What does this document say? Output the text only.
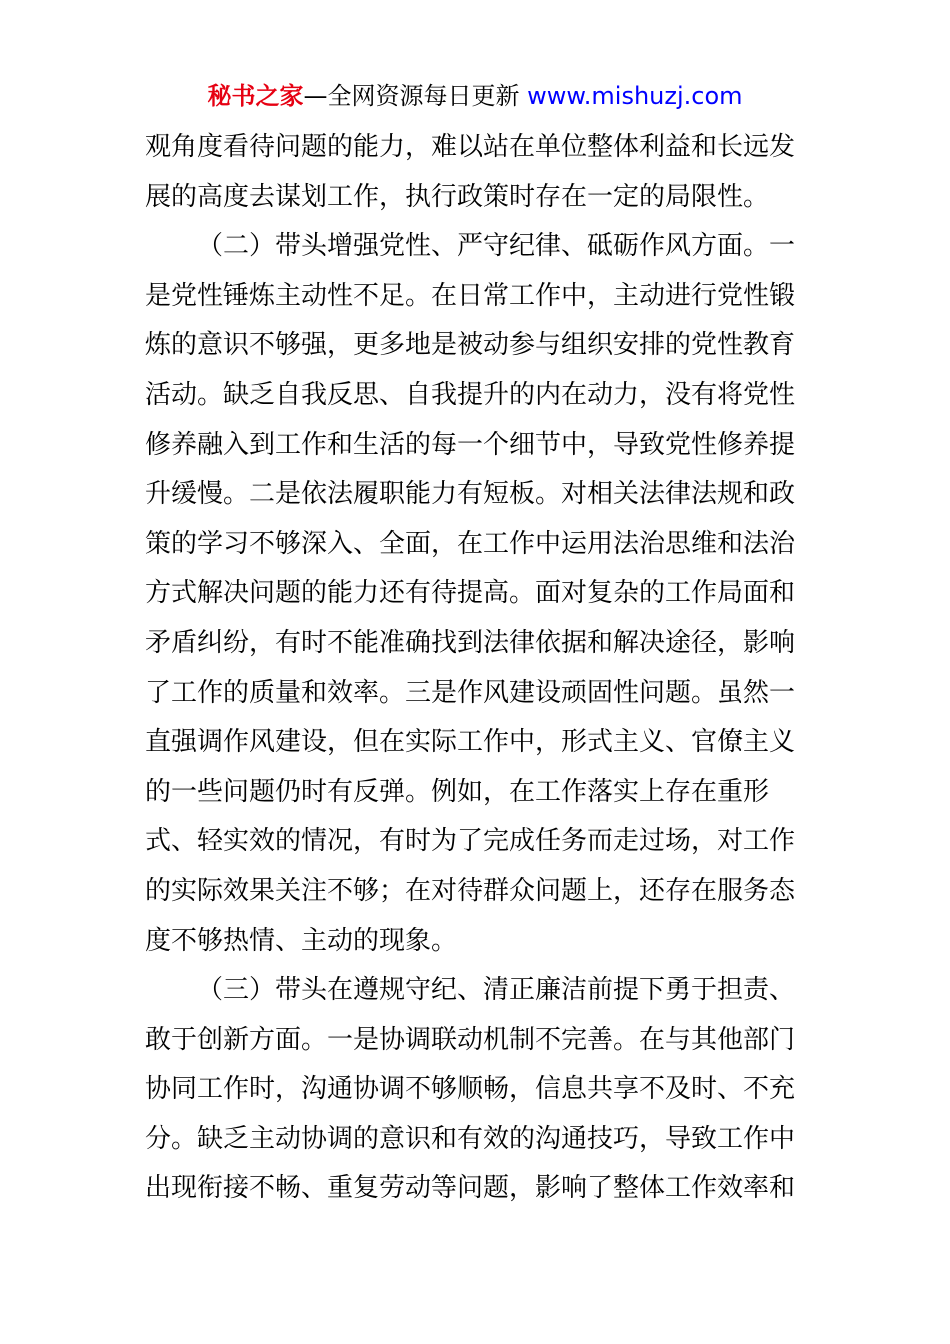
秘书之家—全网资源每日更新 www.mishuzj.com
观角度看待问题的能力，难以站在单位整体利益和长远发
展的高度去谋划工作，执行政策时存在一定的局限性。
（二）带头增强党性、严守纪律、砥砺作风方面。一
是党性锤炼主动性不足。在日常工作中，主动进行党性锻
炼的意识不够强，更多地是被动参与组织安排的党性教育
活动。缺乏自我反思、自我提升的内在动力，没有将党性
修养融入到工作和生活的每一个细节中，导致党性修养提
升缓慢。二是依法履职能力有短板。对相关法律法规和政
策的学习不够深入、全面，在工作中运用法治思维和法治
方式解决问题的能力还有待提高。面对复杂的工作局面和
矛盾纠纷，有时不能准确找到法律依据和解决途径，影响
了工作的质量和效率。三是作风建设顽固性问题。虽然一
直强调作风建设，但在实际工作中，形式主义、官僚主义
的一些问题仍时有反弹。例如，在工作落实上存在重形
式、轻实效的情况，有时为了完成任务而走过场，对工作
的实际效果关注不够；在对待群众问题上，还存在服务态
度不够热情、主动的现象。
（三）带头在遵规守纪、清正廉洁前提下勇于担责、
敢于创新方面。一是协调联动机制不完善。在与其他部门
协同工作时，沟通协调不够顺畅，信息共享不及时、不充
分。缺乏主动协调的意识和有效的沟通技巧，导致工作中
出现衔接不畅、重复劳动等问题，影响了整体工作效率和
